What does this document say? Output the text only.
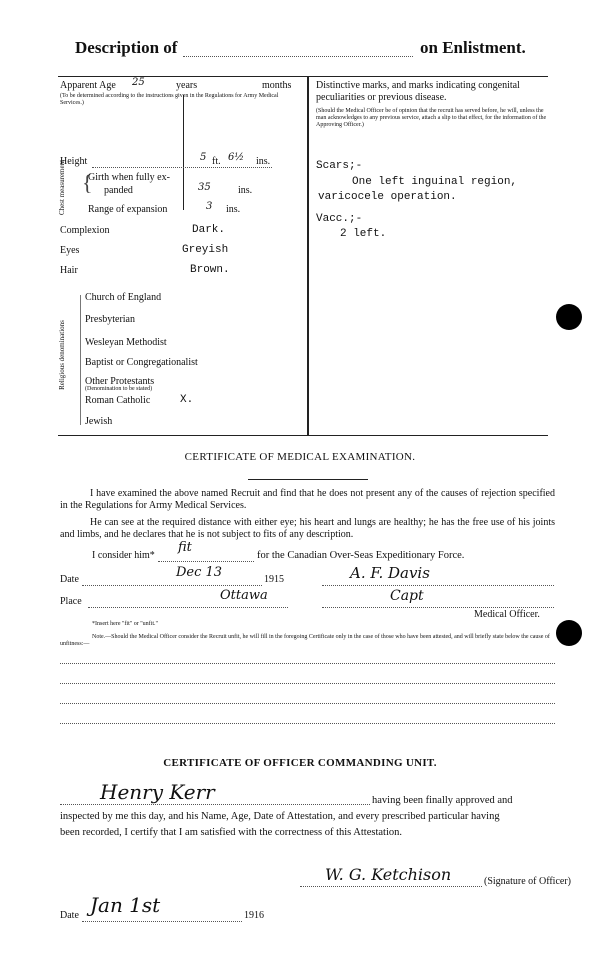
Description of	on Enlistment.
Apparent Age 25	years	months
(To be determined according to the instructions given in the Regulations for Army Medical Services.)
Height	5 ft. 6½ ins.
Chest measurement {
Girth when fully ex-
panded	35	ins.
Range of expansion	3 ins.
Complexion	Dark.
Eyes	Greyish
Hair	Brown.
Religious denominations
Church of England
Presbyterian
Wesleyan Methodist
Baptist or Congregationalist
Other Protestants
(Denomination to be stated)
Roman Catholic	X.
Jewish
Distinctive marks, and marks indicating congenital peculiarities or previous disease.
(Should the Medical Officer be of opinion that the recruit has served before, he will, unless the man acknowledges to any previous service, attach a slip to that effect, for the information of the Approving Officer.)
Scars;-
One left inguinal region,
varicocele operation.
Vacc.;-
2 left.
CERTIFICATE OF MEDICAL EXAMINATION.
I have examined the above named Recruit and find that he does not present any of the causes of rejection specified in the Regulations for Army Medical Services.
He can see at the required distance with either eye; his heart and lungs are healthy; he has the free use of his joints and limbs, and he declares that he is not subject to fits of any description.
I consider him*
fit
for the Canadian Over-Seas Expeditionary Force.
Date	Dec 13	1915	A. F. Davis
Place	Ottawa	Capt
Medical Officer.
*Insert here "fit" or "unfit."
Note.—Should the Medical Officer consider the Recruit unfit, he will fill in the foregoing Certificate only in the case of those who have been attested, and will briefly state below the cause of unfitness:—
CERTIFICATE OF OFFICER COMMANDING UNIT.
Henry Kerr	having been finally approved and
inspected by me this day, and his Name, Age, Date of Attestation, and every prescribed particular having
been recorded, I certify that I am satisfied with the correctness of this Attestation.
W. G. Ketchison	(Signature of Officer)
Date Jan 1st	1916
